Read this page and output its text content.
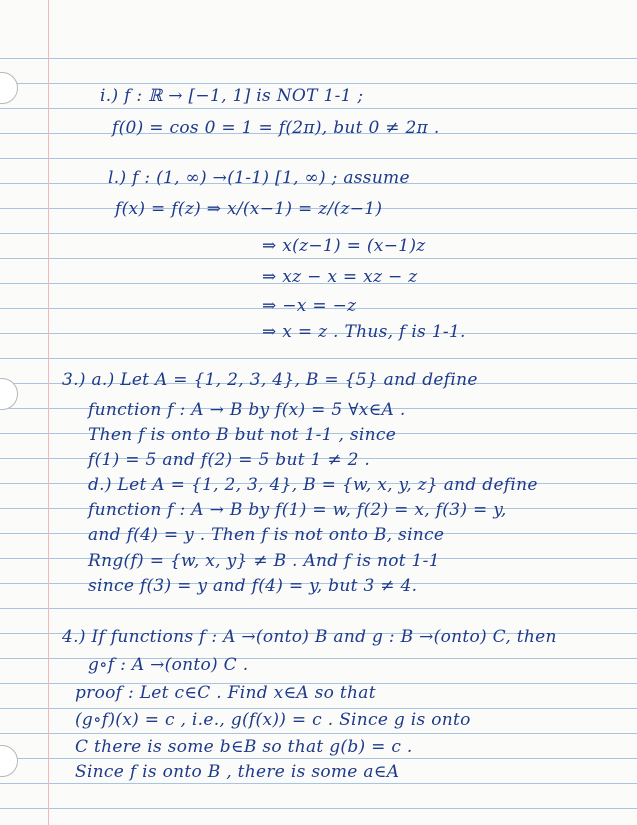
i.) f : ℝ → [−1, 1] is NOT 1-1 ;
f(0) = cos 0 = 1 = f(2π), but 0 ≠ 2π .
l.) f : (1, ∞) →(1-1) [1, ∞) ; assume
f(x) = f(z) ⇒ x/(x−1) = z/(z−1)
⇒ x(z−1) = (x−1)z
⇒ xz − x = xz − z
⇒ −x = −z
⇒ x = z . Thus, f is 1-1.
3.) a.) Let A = {1, 2, 3, 4}, B = {5} and define
function f : A → B by f(x) = 5 ∀x∈A .
Then f is onto B but not 1-1 , since
f(1) = 5 and f(2) = 5 but 1 ≠ 2 .
d.) Let A = {1, 2, 3, 4}, B = {w, x, y, z} and define
function f : A → B by f(1) = w, f(2) = x, f(3) = y,
and f(4) = y . Then f is not onto B, since
Rng(f) = {w, x, y} ≠ B . And f is not 1-1
since f(3) = y and f(4) = y, but 3 ≠ 4.
4.) If functions f : A →(onto) B and g : B →(onto) C, then
g∘f : A →(onto) C .
proof : Let c∈C . Find x∈A so that
(g∘f)(x) = c , i.e., g(f(x)) = c . Since g is onto
C there is some b∈B so that g(b) = c .
Since f is onto B , there is some a∈A
